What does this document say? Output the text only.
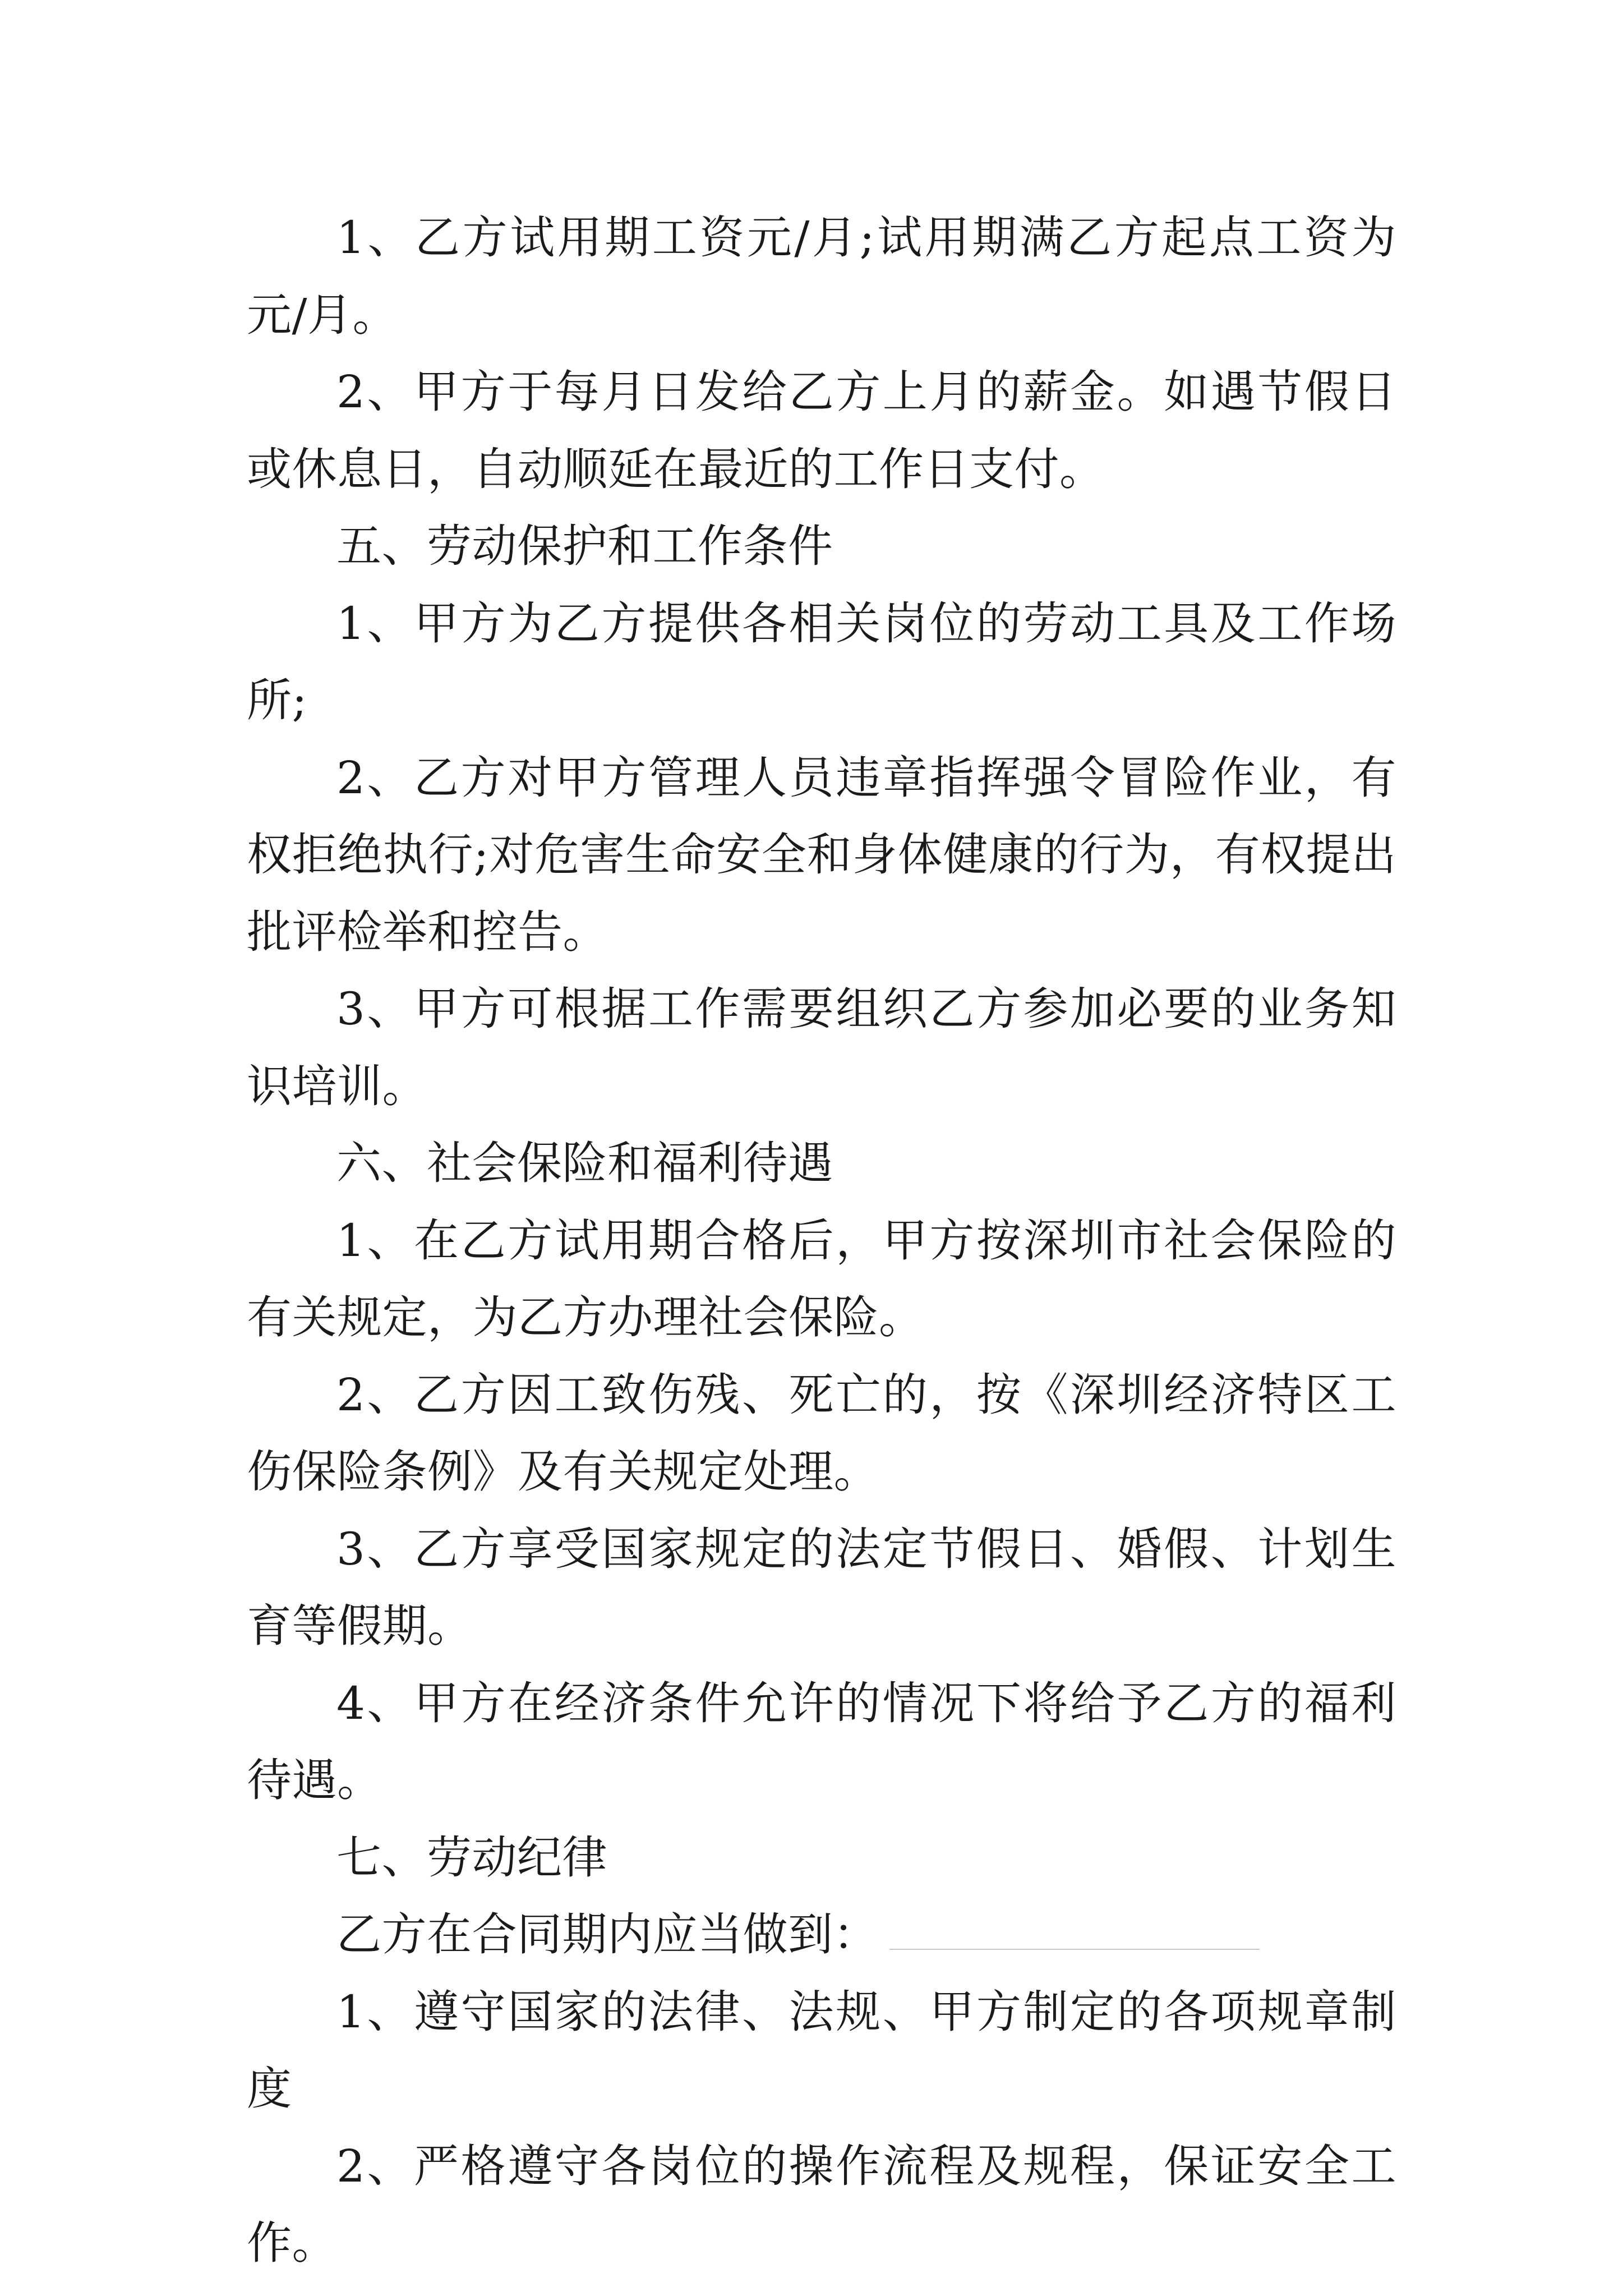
1、乙方试用期工资元/月;试用期满乙方起点工资为元/月。

2、甲方于每月日发给乙方上月的薪金。如遇节假日或休息日，自动顺延在最近的工作日支付。

五、劳动保护和工作条件

1、甲方为乙方提供各相关岗位的劳动工具及工作场所;

2、乙方对甲方管理人员违章指挥强令冒险作业，有权拒绝执行;对危害生命安全和身体健康的行为，有权提出批评检举和控告。

3、甲方可根据工作需要组织乙方参加必要的业务知识培训。

六、社会保险和福利待遇

1、在乙方试用期合格后，甲方按深圳市社会保险的有关规定，为乙方办理社会保险。

2、乙方因工致伤残、死亡的，按《深圳经济特区工伤保险条例》及有关规定处理。

3、乙方享受国家规定的法定节假日、婚假、计划生育等假期。

4、甲方在经济条件允许的情况下将给予乙方的福利待遇。

七、劳动纪律

乙方在合同期内应当做到：

1、遵守国家的法律、法规、甲方制定的各项规章制度

2、严格遵守各岗位的操作流程及规程，保证安全工作。
